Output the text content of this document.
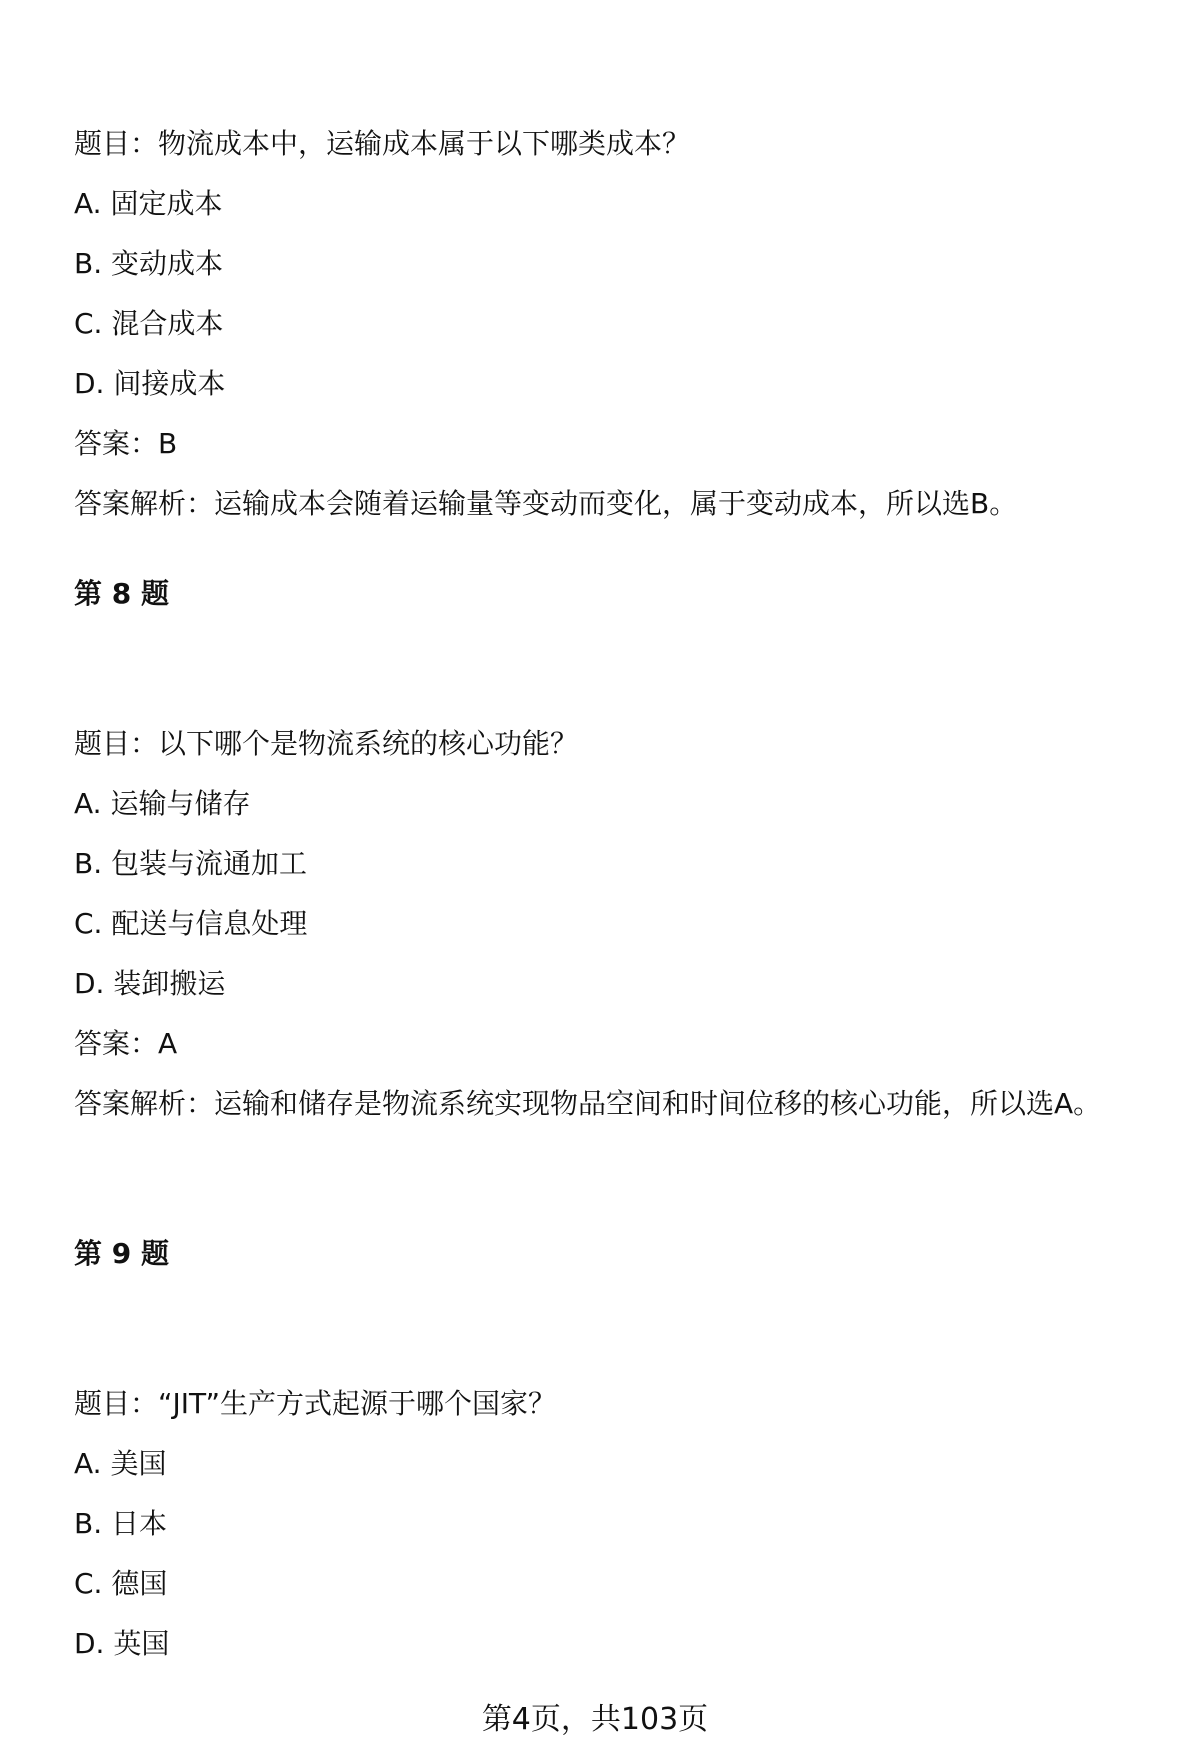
题目：物流成本中，运输成本属于以下哪类成本？
A. 固定成本
B. 变动成本
C. 混合成本
D. 间接成本
答案：B
答案解析：运输成本会随着运输量等变动而变化，属于变动成本，所以选B。
第 8 题
题目：以下哪个是物流系统的核心功能？
A. 运输与储存
B. 包装与流通加工
C. 配送与信息处理
D. 装卸搬运
答案：A
答案解析：运输和储存是物流系统实现物品空间和时间位移的核心功能，所以选A。
第 9 题
题目：“JIT”生产方式起源于哪个国家？
A. 美国
B. 日本
C. 德国
D. 英国
第4页，共103页
